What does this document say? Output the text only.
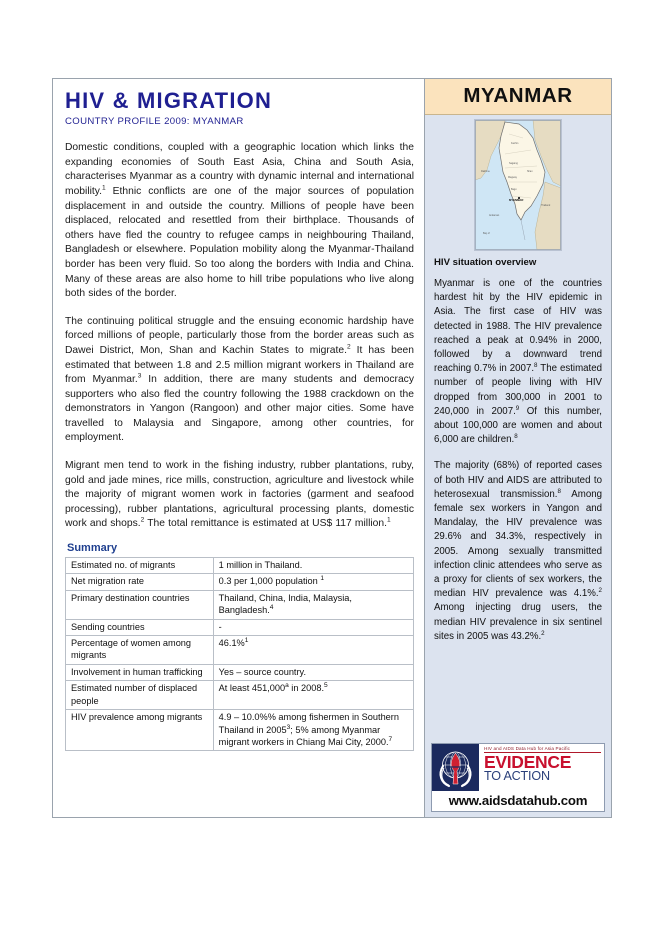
HIV & MIGRATION
COUNTRY PROFILE 2009: MYANMAR

Domestic conditions, coupled with a geographic location which links the expanding economies of South East Asia, China and South Asia, characterises Myanmar as a country with dynamic internal and international mobility.$^1$ Ethnic conflicts are one of the major sources of population displacement in and outside the country. Millions of people have been displaced, relocated and resettled from their birthplace. Thousands of others have fled the country to refugee camps in neighbouring Thailand, Bangladesh or elsewhere. Population mobility along the Myanmar-Thailand border has been very fluid. So too along the borders with India and China. Many of these areas are also home to hill tribe populations who live along both sides of the border.

The continuing political struggle and the ensuing economic hardship have forced millions of people, particularly those from the border areas such as Dawei District, Mon, Shan and Kachin States to migrate.$^2$ It has been estimated that between 1.8 and 2.5 million migrant workers in Thailand are from Myanmar.$^3$ In addition, there are many students and democracy supporters who also fled the country following the 1988 crackdown on the demonstrators in Yangon (Rangoon) and other major cities. Some have travelled to Malaysia and Singapore, among other countries, for employment.

Migrant men tend to work in the fishing industry, rubber plantations, ruby, gold and jade mines, rice mills, construction, agriculture and livestock while the majority of migrant women work in factories (garment and seafood processing), rubber plantations, agricultural processing plants, domestic work and shops.$^2$ The total remittance is estimated at US$ 117 million.$^1$

Summary
Estimated no. of migrants	1 million in Thailand.
Net migration rate	0.3 per 1,000 population $^1$
Primary destination countries	Thailand, China, India, Malaysia, Bangladesh.$^4$
Sending countries	-
Percentage of women among migrants	46.1%$^1$
Involvement in human trafficking	Yes – source country.
Estimated number of displaced people	At least 451,000$^a$ in 2008.$^5$
HIV prevalence among migrants	4.9 – 10.0%% among fishermen in Southern Thailand in 2005$^3$; 5% among Myanmar migrant workers in Chiang Mai City, 2000.$^7$
MYANMAR
Kachin
Sagaing
Shan
Magway
Bago
Rakhine
Thailand
Andaman
Bay of
MYANMAR
HIV situation overview

Myanmar is one of the countries hardest hit by the HIV epidemic in Asia. The first case of HIV was detected in 1988. The HIV prevalence reached a peak at 0.94% in 2000, followed by a downward trend reaching 0.7% in 2007.$^8$ The estimated number of people living with HIV dropped from 300,000 in 2001 to 240,000 in 2007.$^9$ Of this number, about 100,000 are women and about 6,000 are children.$^8$

The majority (68%) of reported cases of both HIV and AIDS are attributed to heterosexual transmission.$^8$ Among female sex workers in Yangon and Mandalay, the HIV prevalence was 29.6% and 34.3%, respectively in 2005. Among sexually transmitted infection clinic attendees who serve as a proxy for clients of sex workers, the median HIV prevalence was 4.1%.$^2$ Among injecting drug users, the median HIV prevalence in six sentinel sites in 2005 was 43.2%.$^2$

HIV and AIDS Data Hub for Asia Pacific
EVIDENCE
TO ACTION
www.aidsdatahub.com
